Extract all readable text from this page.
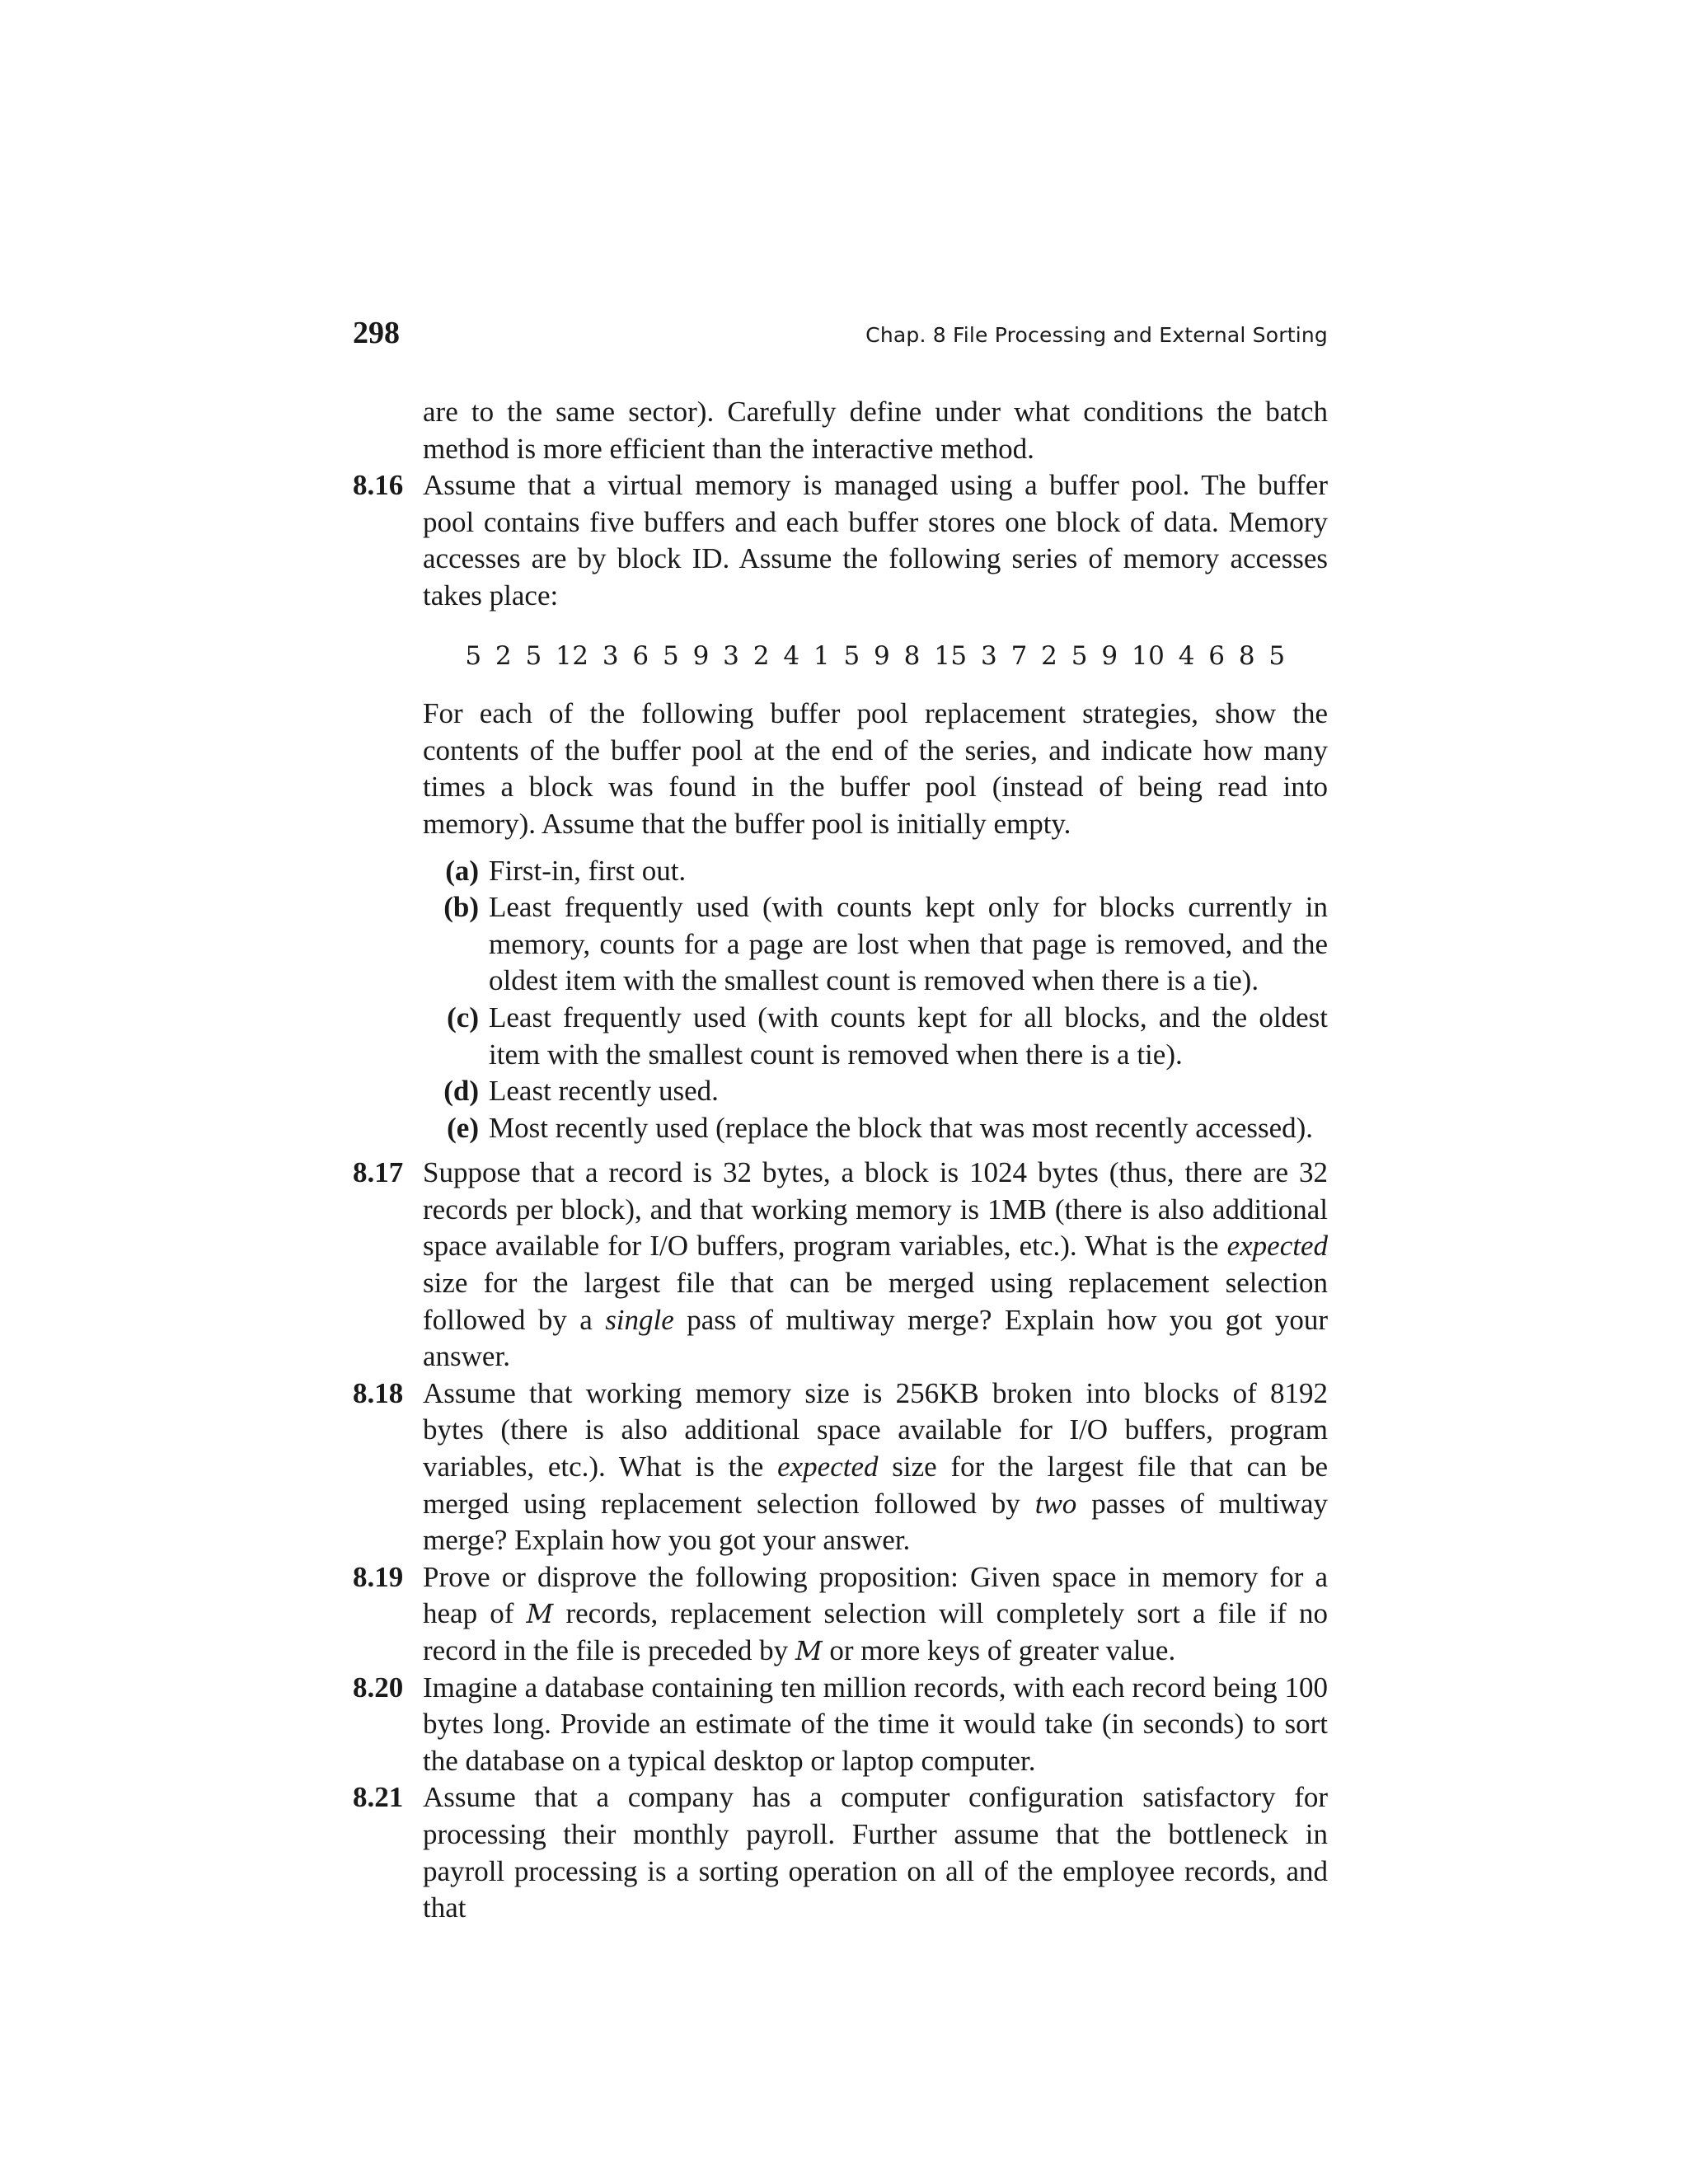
298	Chap. 8 File Processing and External Sorting

are to the same sector). Carefully define under what conditions the batch method is more efficient than the interactive method.

8.16 Assume that a virtual memory is managed using a buffer pool. The buffer pool contains five buffers and each buffer stores one block of data. Memory accesses are by block ID. Assume the following series of memory accesses takes place:
5 2 5 12 3 6 5 9 3 2 4 1 5 9 8 15 3 7 2 5 9 10 4 6 8 5
For each of the following buffer pool replacement strategies, show the contents of the buffer pool at the end of the series, and indicate how many times a block was found in the buffer pool (instead of being read into memory). Assume that the buffer pool is initially empty.
(a) First-in, first out.
(b) Least frequently used (with counts kept only for blocks currently in memory, counts for a page are lost when that page is removed, and the oldest item with the smallest count is removed when there is a tie).
(c) Least frequently used (with counts kept for all blocks, and the oldest item with the smallest count is removed when there is a tie).
(d) Least recently used.
(e) Most recently used (replace the block that was most recently accessed).
8.17 Suppose that a record is 32 bytes, a block is 1024 bytes (thus, there are 32 records per block), and that working memory is 1MB (there is also additional space available for I/O buffers, program variables, etc.). What is the expected size for the largest file that can be merged using replacement selection followed by a single pass of multiway merge? Explain how you got your answer.
8.18 Assume that working memory size is 256KB broken into blocks of 8192 bytes (there is also additional space available for I/O buffers, program variables, etc.). What is the expected size for the largest file that can be merged using replacement selection followed by two passes of multiway merge? Explain how you got your answer.
8.19 Prove or disprove the following proposition: Given space in memory for a heap of M records, replacement selection will completely sort a file if no record in the file is preceded by M or more keys of greater value.
8.20 Imagine a database containing ten million records, with each record being 100 bytes long. Provide an estimate of the time it would take (in seconds) to sort the database on a typical desktop or laptop computer.
8.21 Assume that a company has a computer configuration satisfactory for processing their monthly payroll. Further assume that the bottleneck in payroll processing is a sorting operation on all of the employee records, and that
